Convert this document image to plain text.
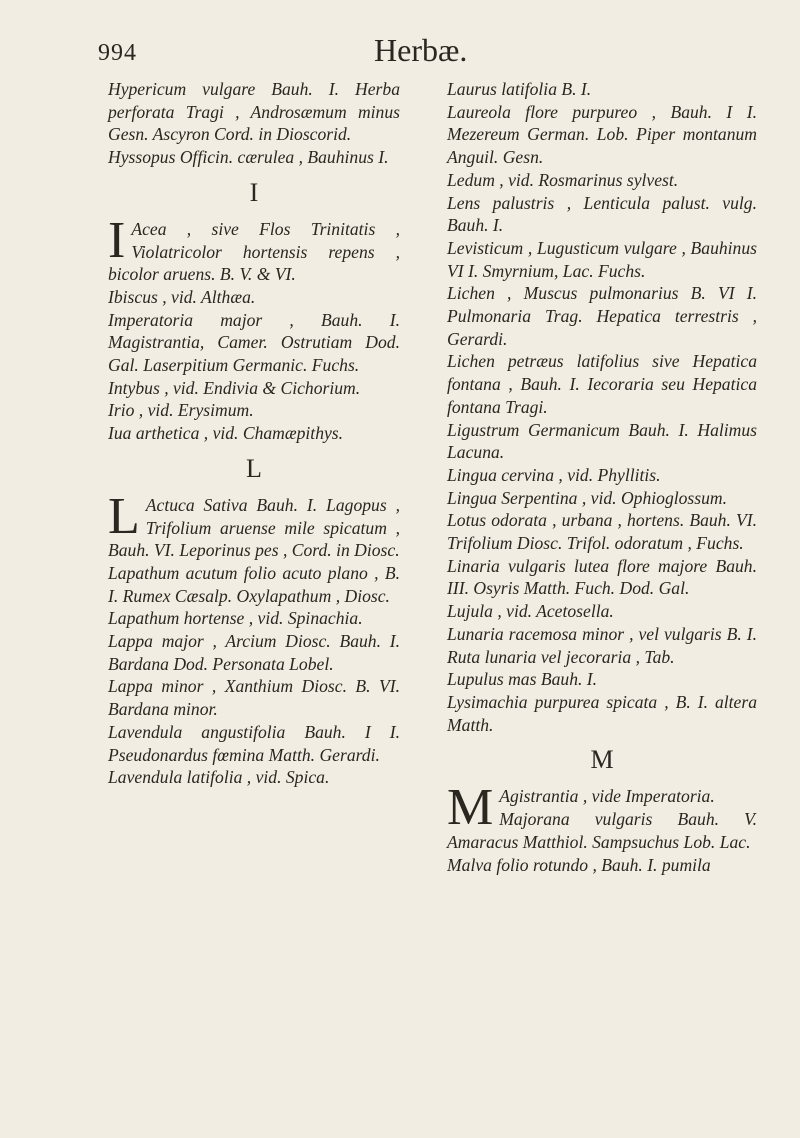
994	Herbæ.

Hypericum vulgare Bauh. I. Herba perforata Tragi , Androsæmum minus Gesn. Ascyron Cord. in Dioscorid.

Hyssopus Officin. cærulea , Bauhinus I.

I

I Acea , sive Flos Trinitatis , Violatricolor hortensis repens , bicolor aruens. B. V. & VI.

Ibiscus , vid. Althæa.

Imperatoria major , Bauh. I. Magistrantia, Camer. Ostrutiam Dod. Gal. Laserpitium Germanic. Fuchs.

Intybus , vid. Endivia & Cichorium.

Irio , vid. Erysimum.

Iua arthetica , vid. Chamæpithys.

L

L Actuca Sativa Bauh. I. Lagopus , Trifolium aruense mile spicatum , Bauh. VI. Leporinus pes , Cord. in Diosc.

Lapathum acutum folio acuto plano , B. I. Rumex Cæsalp. Oxylapathum , Diosc.

Lapathum hortense , vid. Spinachia.

Lappa major , Arcium Diosc. Bauh. I. Bardana Dod. Personata Lobel.

Lappa minor , Xanthium Diosc. B. VI. Bardana minor.

Lavendula angustifolia Bauh. I I. Pseudonardus fœmina Matth. Gerardi.

Lavendula latifolia , vid. Spica.

Laurus latifolia B. I.

Laureola flore purpureo , Bauh. I I. Mezereum German. Lob. Piper montanum Anguil. Gesn.

Ledum , vid. Rosmarinus sylvest.

Lens palustris , Lenticula palust. vulg. Bauh. I.

Levisticum , Lugusticum vulgare , Bauhinus VI I. Smyrnium, Lac. Fuchs.

Lichen , Muscus pulmonarius B. VI I. Pulmonaria Trag. Hepatica terrestris , Gerardi.

Lichen petræus latifolius sive Hepatica fontana , Bauh. I. Iecoraria seu Hepatica fontana Tragi.

Ligustrum Germanicum Bauh. I. Halimus Lacuna.

Lingua cervina , vid. Phyllitis.

Lingua Serpentina , vid. Ophioglossum.

Lotus odorata , urbana , hortens. Bauh. VI. Trifolium Diosc. Trifol. odoratum , Fuchs.

Linaria vulgaris lutea flore majore Bauh. III. Osyris Matth. Fuch. Dod. Gal.

Lujula , vid. Acetosella.

Lunaria racemosa minor , vel vulgaris B. I. Ruta lunaria vel jecoraria , Tab.

Lupulus mas Bauh. I.

Lysimachia purpurea spicata , B. I. altera Matth.

M

M Agistrantia , vide Imperatoria.

Majorana vulgaris Bauh. V. Amaracus Matthiol. Sampsuchus Lob. Lac.

Malva folio rotundo , Bauh. I. pumila
